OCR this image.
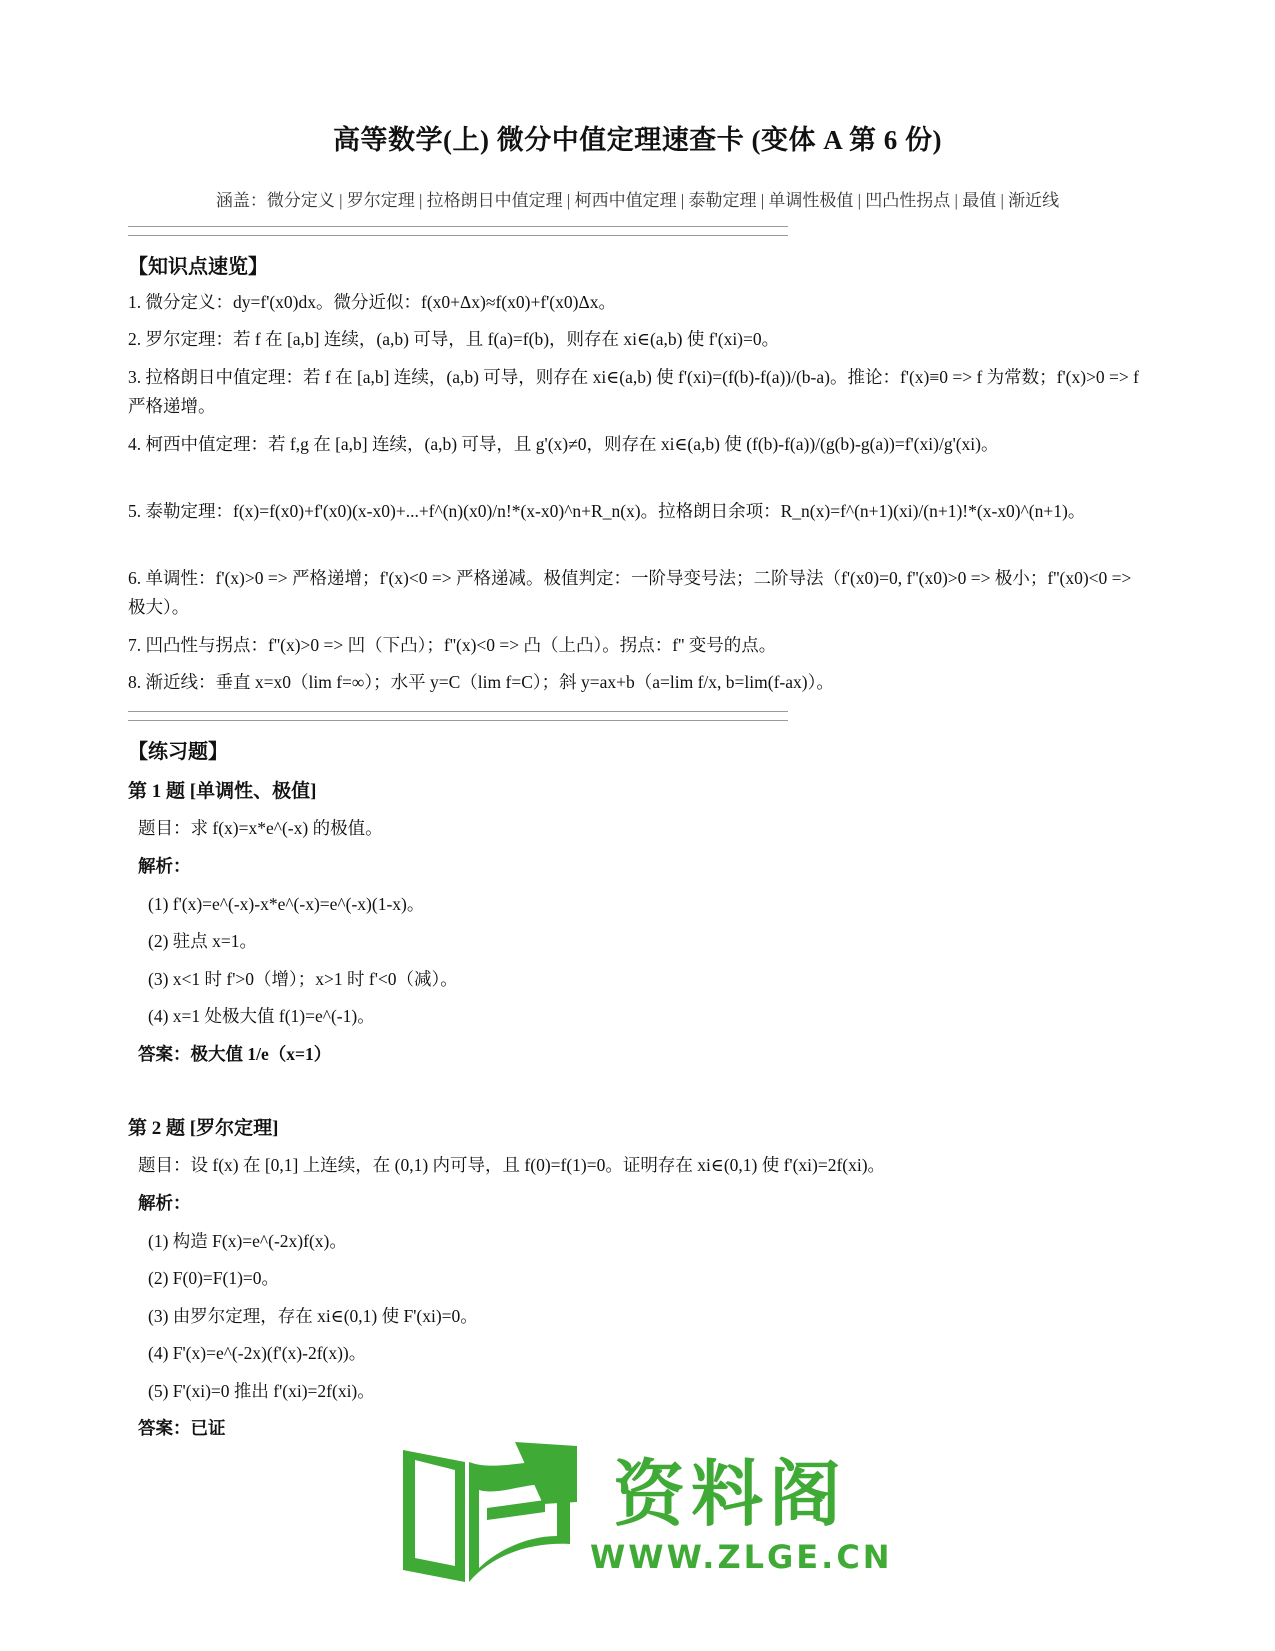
高等数学(上) 微分中值定理速查卡 (变体 A 第 6 份)
涵盖：微分定义 | 罗尔定理 | 拉格朗日中值定理 | 柯西中值定理 | 泰勒定理 | 单调性极值 | 凹凸性拐点 | 最值 | 渐近线
【知识点速览】
1. 微分定义：dy=f'(x0)dx。微分近似：f(x0+Δx)≈f(x0)+f'(x0)Δx。
2. 罗尔定理：若 f 在 [a,b] 连续，(a,b) 可导，且 f(a)=f(b)，则存在 xi∈(a,b) 使 f'(xi)=0。
3. 拉格朗日中值定理：若 f 在 [a,b] 连续，(a,b) 可导，则存在 xi∈(a,b) 使 f'(xi)=(f(b)-f(a))/(b-a)。推论：f'(x)≡0 => f 为常数；f'(x)>0 => f 严格递增。
4. 柯西中值定理：若 f,g 在 [a,b] 连续，(a,b) 可导，且 g'(x)≠0，则存在 xi∈(a,b) 使 (f(b)-f(a))/(g(b)-g(a))=f'(xi)/g'(xi)。
5. 泰勒定理：f(x)=f(x0)+f'(x0)(x-x0)+...+f^(n)(x0)/n!*(x-x0)^n+R_n(x)。拉格朗日余项：R_n(x)=f^(n+1)(xi)/(n+1)!*(x-x0)^(n+1)。
6. 单调性：f'(x)>0 => 严格递增；f'(x)<0 => 严格递减。极值判定：一阶导变号法；二阶导法（f'(x0)=0, f''(x0)>0 => 极小；f''(x0)<0 => 极大）。
7. 凹凸性与拐点：f''(x)>0 => 凹（下凸）；f''(x)<0 => 凸（上凸）。拐点：f'' 变号的点。
8. 渐近线：垂直 x=x0（lim f=∞）；水平 y=C（lim f=C）；斜 y=ax+b（a=lim f/x, b=lim(f-ax)）。
【练习题】
第 1 题 [单调性、极值]
题目：求 f(x)=x*e^(-x) 的极值。
解析：
(1) f'(x)=e^(-x)-x*e^(-x)=e^(-x)(1-x)。
(2) 驻点 x=1。
(3) x<1 时 f'>0（增）；x>1 时 f'<0（减）。
(4) x=1 处极大值 f(1)=e^(-1)。
答案：极大值 1/e（x=1）
第 2 题 [罗尔定理]
题目：设 f(x) 在 [0,1] 上连续，在 (0,1) 内可导，且 f(0)=f(1)=0。证明存在 xi∈(0,1) 使 f'(xi)=2f(xi)。
解析：
(1) 构造 F(x)=e^(-2x)f(x)。
(2) F(0)=F(1)=0。
(3) 由罗尔定理，存在 xi∈(0,1) 使 F'(xi)=0。
(4) F'(x)=e^(-2x)(f'(x)-2f(x))。
(5) F'(xi)=0 推出 f'(xi)=2f(xi)。
答案：已证
资料阁
WWW.ZLGE.CN
